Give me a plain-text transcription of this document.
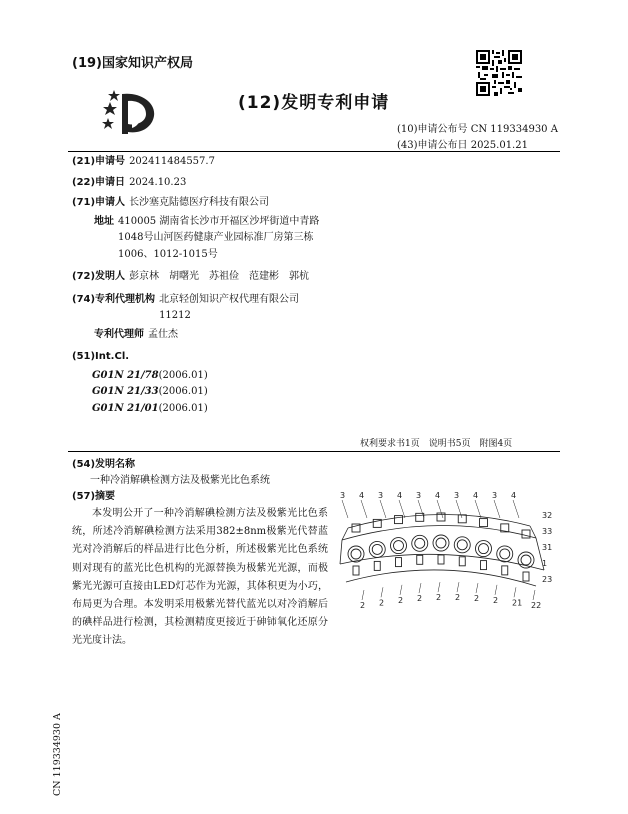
(19)国家知识产权局
(12)发明专利申请
(10)申请公布号 CN 119334930 A
(43)申请公布日 2025.01.21
(21)申请号 202411484557.7
(22)申请日 2024.10.23
(71)申请人 长沙塞克陆德医疗科技有限公司
地址 410005 湖南省长沙市开福区沙坪街道中青路1048号山河医药健康产业园标准厂房第三栋1006、1012-1015号
(72)发明人 彭京林　胡曙光　苏祖俭　范建彬　郭杭
(74)专利代理机构 北京轻创知识产权代理有限公司 11212
专利代理师 孟仕杰
(51)Int.Cl.
G01N 21/78(2006.01)
G01N 21/33(2006.01)
G01N 21/01(2006.01)
权利要求书1页　说明书5页　附图4页
(54)发明名称
一种冷消解碘检测方法及极紫光比色系统
(57)摘要
本发明公开了一种冷消解碘检测方法及极紫光比色系统，所述冷消解碘检测方法采用382±8nm极紫光代替蓝光对冷消解后的样品进行比色分析，所述极紫光比色系统则对现有的蓝光比色机构的光源替换为极紫光光源，而极紫光光源可直接由LED灯芯作为光源，其体积更为小巧，布局更为合理。本发明采用极紫光替代蓝光以对冷消解后的碘样品进行检测，其检测精度更接近于砷铈氧化还原分光光度计法。
3 4 3 4 3 4 3 4 3 4
32
33
31
1
23
2 2 2 2 2 2 2 2 21 22
CN 119334930 A
